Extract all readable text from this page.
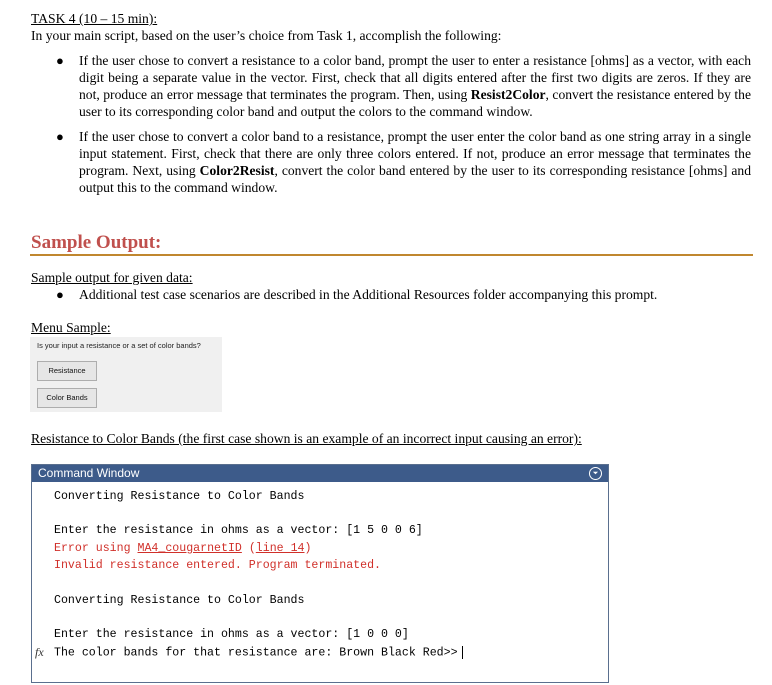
TASK 4 (10 – 15 min):
In your main script, based on the user’s choice from Task 1, accomplish the following:
● If the user chose to convert a resistance to a color band, prompt the user to enter a resistance [ohms] as a vector, with each digit being a separate value in the vector. First, check that all digits entered after the first two digits are zeros. If they are not, produce an error message that terminates the program. Then, using Resist2Color, convert the resistance entered by the user to its corresponding color band and output the colors to the command window.
● If the user chose to convert a color band to a resistance, prompt the user enter the color band as one string array in a single input statement. First, check that there are only three colors entered. If not, produce an error message that terminates the program. Next, using Color2Resist, convert the color band entered by the user to its corresponding resistance [ohms] and output this to the command window.
Sample Output:
Sample output for given data:
● Additional test case scenarios are described in the Additional Resources folder accompanying this prompt.
Menu Sample:
Is your input a resistance or a set of color bands?
Resistance
Color Bands
Resistance to Color Bands (the first case shown is an example of an incorrect input causing an error):
Command Window	⏷
Converting Resistance to Color Bands
Enter the resistance in ohms as a vector: [1 5 0 0 6]
Error using MA4_cougarnetID (line 14)
Invalid resistance entered. Program terminated.
Converting Resistance to Color Bands
Enter the resistance in ohms as a vector: [1 0 0 0]
fx The color bands for that resistance are: Brown Black Red>>
